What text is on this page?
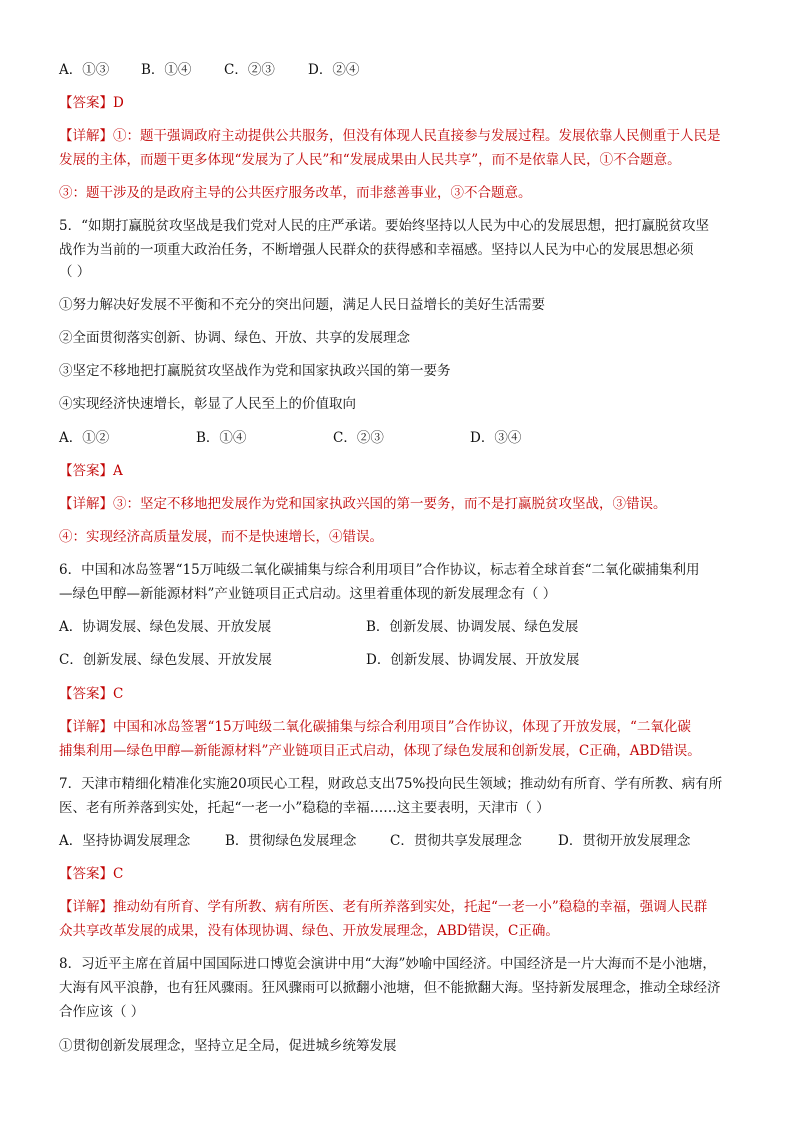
A．①③ B．①④ C．②③ D．②④
【答案】D
【详解】①：题干强调政府主动提供公共服务，但没有体现人民直接参与发展过程。发展依靠人民侧重于人民是
发展的主体，而题干更多体现“发展为了人民”和“发展成果由人民共享”，而不是依靠人民，①不合题意。
③：题干涉及的是政府主导的公共医疗服务改革，而非慈善事业，③不合题意。
5．“如期打赢脱贫攻坚战是我们党对人民的庄严承诺。要始终坚持以人民为中心的发展思想，把打赢脱贫攻坚
战作为当前的一项重大政治任务，不断增强人民群众的获得感和幸福感。坚持以人民为中心的发展思想必须
（ ）
①努力解决好发展不平衡和不充分的突出问题，满足人民日益增长的美好生活需要
②全面贯彻落实创新、协调、绿色、开放、共享的发展理念
③坚定不移地把打赢脱贫攻坚战作为党和国家执政兴国的第一要务
④实现经济快速增长，彰显了人民至上的价值取向
A．①②	B．①④	C．②③	D．③④
【答案】A
【详解】③：坚定不移地把发展作为党和国家执政兴国的第一要务，而不是打赢脱贫攻坚战，③错误。
④：实现经济高质量发展，而不是快速增长，④错误。
6．中国和冰岛签署“15万吨级二氧化碳捕集与综合利用项目”合作协议，标志着全球首套“二氧化碳捕集利用
—绿色甲醇—新能源材料”产业链项目正式启动。这里着重体现的新发展理念有（ ）
A．协调发展、绿色发展、开放发展	B．创新发展、协调发展、绿色发展
C．创新发展、绿色发展、开放发展	D．创新发展、协调发展、开放发展
【答案】C
【详解】中国和冰岛签署“15万吨级二氧化碳捕集与综合利用项目”合作协议，体现了开放发展，“二氧化碳
捕集利用—绿色甲醇—新能源材料”产业链项目正式启动，体现了绿色发展和创新发展，C正确，ABD错误。
7．天津市精细化精准化实施20项民心工程，财政总支出75%投向民生领域；推动幼有所育、学有所教、病有所
医、老有所养落到实处，托起“一老一小”稳稳的幸福……这主要表明，天津市（ ）
A．坚持协调发展理念	B．贯彻绿色发展理念 C．贯彻共享发展理念	D．贯彻开放发展理念
【答案】C
【详解】推动幼有所育、学有所教、病有所医、老有所养落到实处，托起“一老一小”稳稳的幸福，强调人民群
众共享改革发展的成果，没有体现协调、绿色、开放发展理念，ABD错误，C正确。
8．习近平主席在首届中国国际进口博览会演讲中用“大海”妙喻中国经济。中国经济是一片大海而不是小池塘，
大海有风平浪静，也有狂风骤雨。狂风骤雨可以掀翻小池塘，但不能掀翻大海。坚持新发展理念，推动全球经济
合作应该（ ）
①贯彻创新发展理念，坚持立足全局，促进城乡统筹发展
